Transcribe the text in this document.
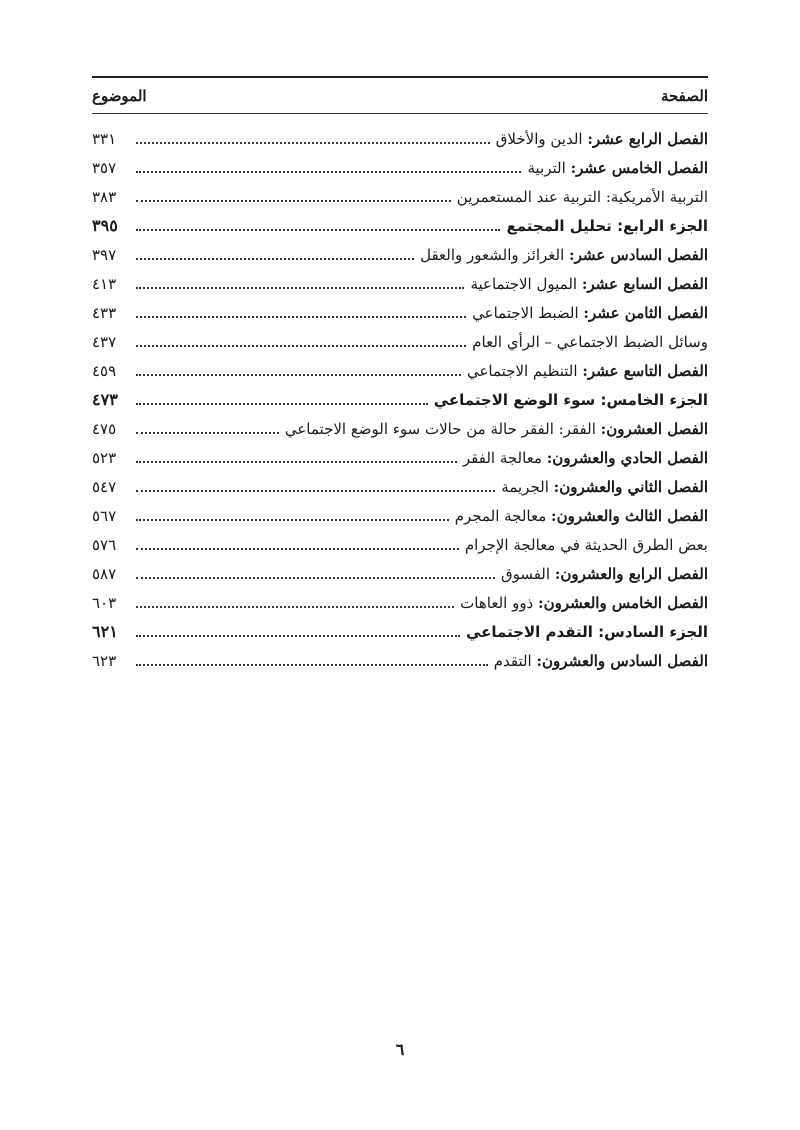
الموضوع	الصفحة
٣٣١	الفصل الرابع عشر: الدين والأخلاق
٣٥٧	الفصل الخامس عشر: التربية
٣٨٣	التربية الأمريكية: التربية عند المستعمرين
٣٩٥	الجزء الرابع: تحليل المجتمع
٣٩٧	الفصل السادس عشر: الغرائز والشعور والعقل
٤١٣	الفصل السابع عشر: الميول الاجتماعية
٤٣٣	الفصل الثامن عشر: الضبط الاجتماعي
٤٣٧	وسائل الضبط الاجتماعي – الرأي العام
٤٥٩	الفصل التاسع عشر: التنظيم الاجتماعي
٤٧٣	الجزء الخامس: سوء الوضع الاجتماعي
٤٧٥	الفصل العشرون: الفقر: الفقر حالة من حالات سوء الوضع الاجتماعي
٥٢٣	الفصل الحادي والعشرون: معالجة الفقر
٥٤٧	الفصل الثاني والعشرون: الجريمة
٥٦٧	الفصل الثالث والعشرون: معالجة المجرم
٥٧٦	بعض الطرق الحديثة في معالجة الإجرام
٥٨٧	الفصل الرابع والعشرون: الفسوق
٦٠٣	الفصل الخامس والعشرون: ذوو العاهات
٦٢١	الجزء السادس: التقدم الاجتماعي
٦٢٣	الفصل السادس والعشرون: التقدم
٦
